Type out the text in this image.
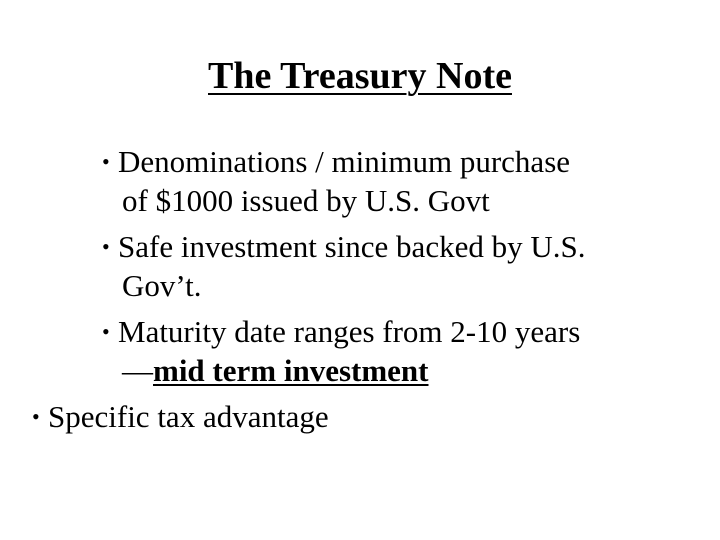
The Treasury Note
• Denominations / minimum purchase
of $1000 issued by U.S. Govt
• Safe investment since backed by U.S.
Gov’t.
• Maturity date ranges from 2-10 years
—mid term investment
• Specific tax advantage
